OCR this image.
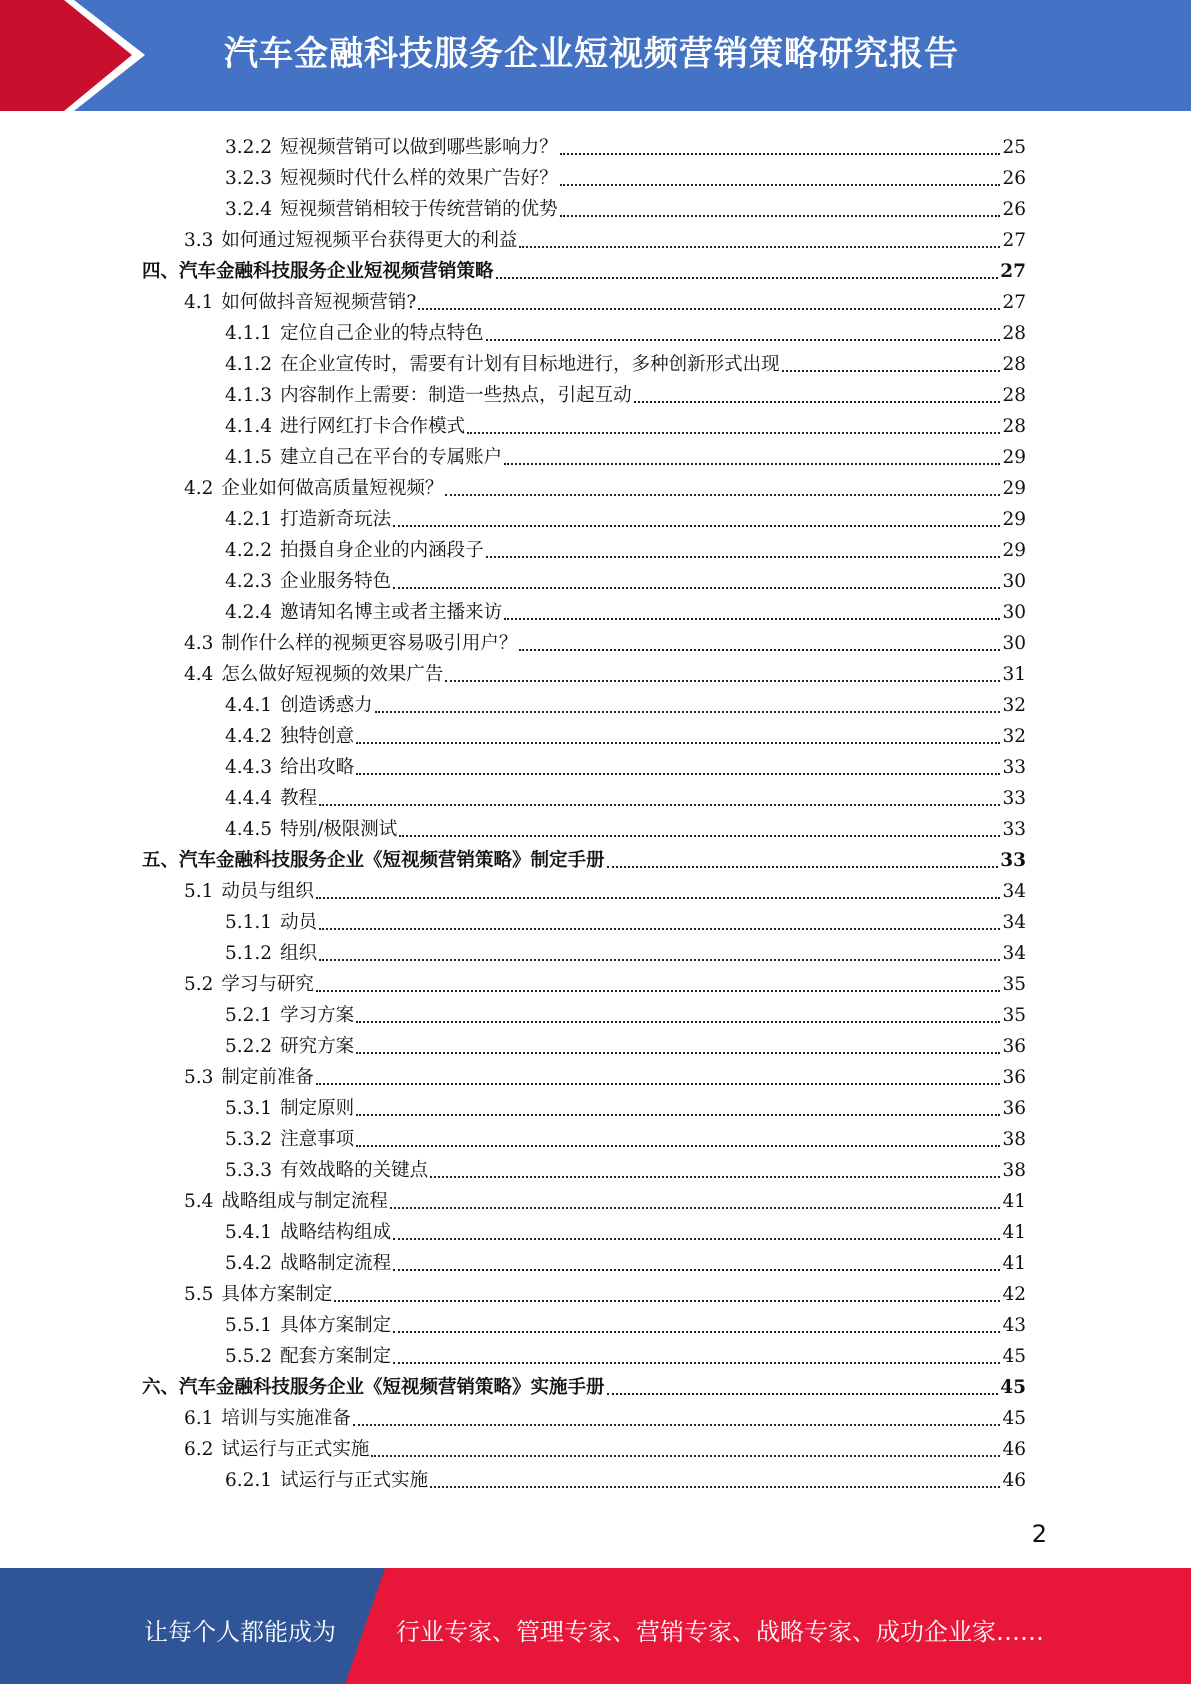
汽车金融科技服务企业短视频营销策略研究报告
3.2.2 短视频营销可以做到哪些影响力？	25
3.2.3 短视频时代什么样的效果广告好？	26
3.2.4 短视频营销相较于传统营销的优势	26
3.3 如何通过短视频平台获得更大的利益	27
四、汽车金融科技服务企业短视频营销策略	27
4.1 如何做抖音短视频营销?	27
4.1.1 定位自己企业的特点特色	28
4.1.2 在企业宣传时，需要有计划有目标地进行，多种创新形式出现	28
4.1.3 内容制作上需要：制造一些热点，引起互动	28
4.1.4 进行网红打卡合作模式	28
4.1.5 建立自己在平台的专属账户	29
4.2 企业如何做高质量短视频？	29
4.2.1 打造新奇玩法	29
4.2.2 拍摄自身企业的内涵段子	29
4.2.3 企业服务特色	30
4.2.4 邀请知名博主或者主播来访	30
4.3 制作什么样的视频更容易吸引用户？	30
4.4 怎么做好短视频的效果广告	31
4.4.1 创造诱惑力	32
4.4.2 独特创意	32
4.4.3 给出攻略	33
4.4.4 教程	33
4.4.5 特别/极限测试	33
五、汽车金融科技服务企业《短视频营销策略》制定手册	33
5.1 动员与组织	34
5.1.1 动员	34
5.1.2 组织	34
5.2 学习与研究	35
5.2.1 学习方案	35
5.2.2 研究方案	36
5.3 制定前准备	36
5.3.1 制定原则	36
5.3.2 注意事项	38
5.3.3 有效战略的关键点	38
5.4 战略组成与制定流程	41
5.4.1 战略结构组成	41
5.4.2 战略制定流程	41
5.5 具体方案制定	42
5.5.1 具体方案制定	43
5.5.2 配套方案制定	45
六、汽车金融科技服务企业《短视频营销策略》实施手册	45
6.1 培训与实施准备	45
6.2 试运行与正式实施	46
6.2.1 试运行与正式实施	46
2
让每个人都能成为	行业专家、管理专家、营销专家、战略专家、成功企业家……
